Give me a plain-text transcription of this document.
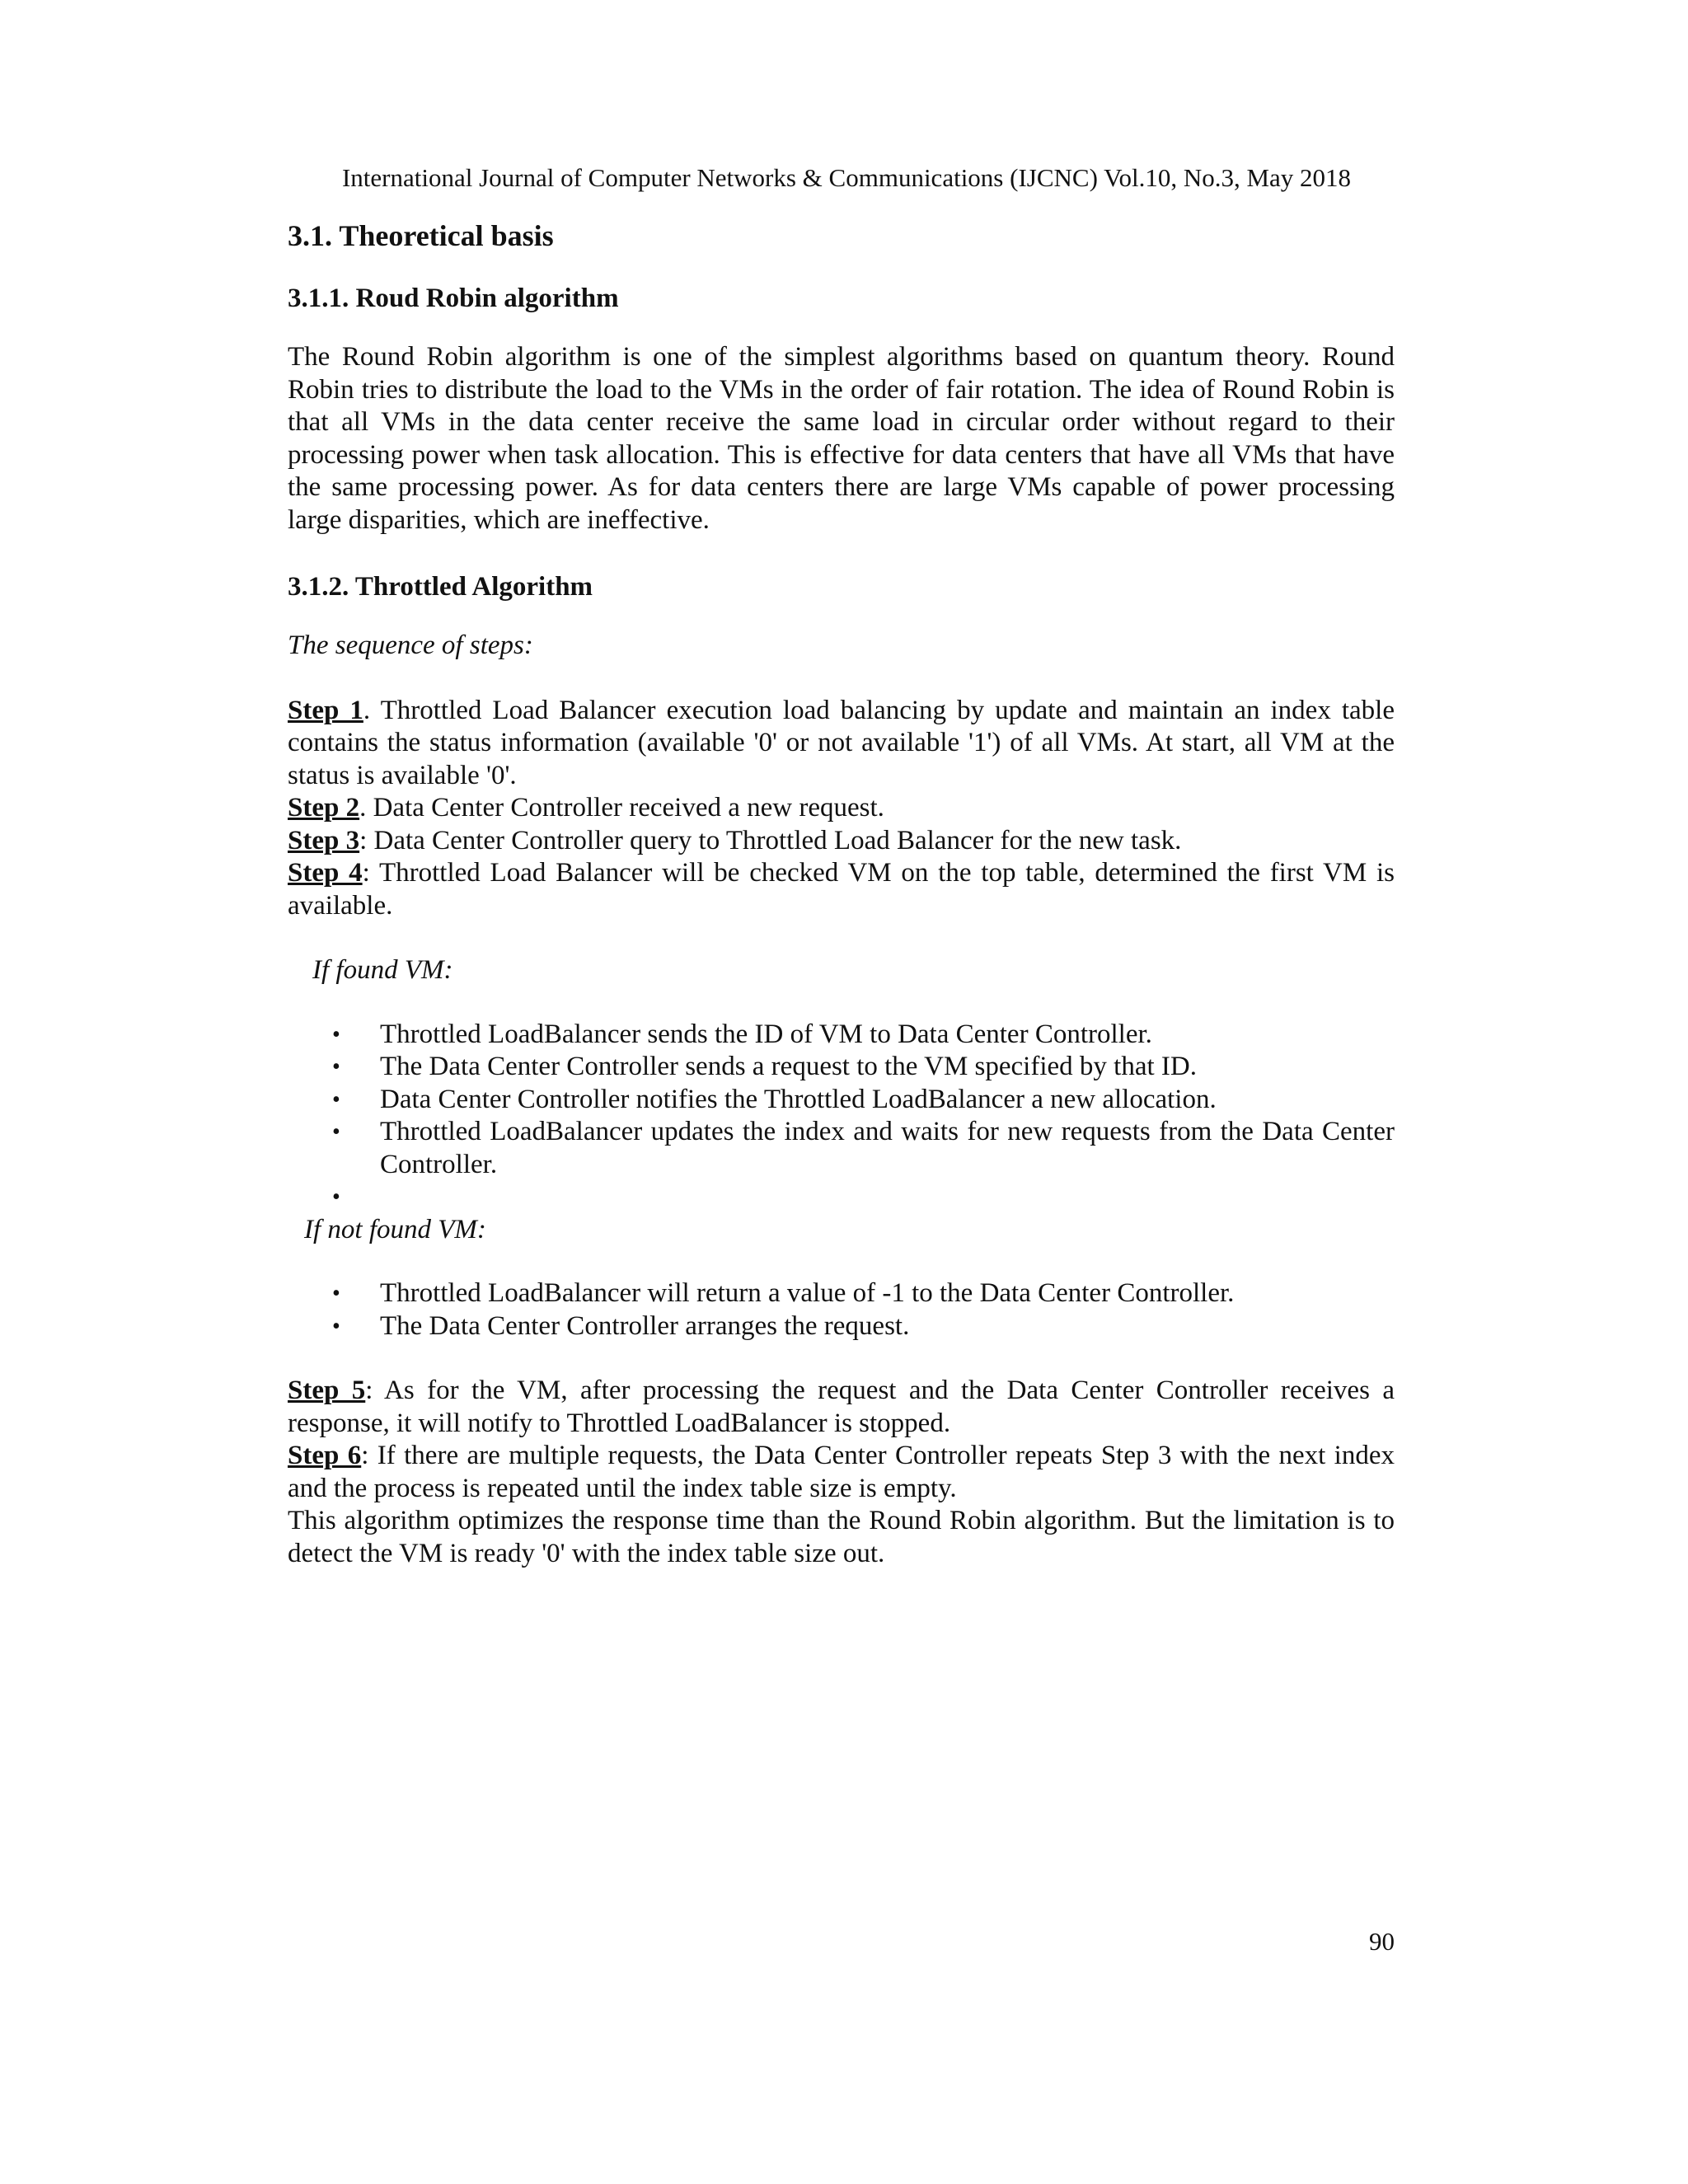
International Journal of Computer Networks & Communications (IJCNC) Vol.10, No.3, May 2018
3.1. Theoretical basis
3.1.1. Roud Robin algorithm

The Round Robin algorithm is one of the simplest algorithms based on quantum theory. Round Robin tries to distribute the load to the VMs in the order of fair rotation. The idea of Round Robin is that all VMs in the data center receive the same load in circular order without regard to their processing power when task allocation. This is effective for data centers that have all VMs that have the same processing power. As for data centers there are large VMs capable of power processing large disparities, which are ineffective.

3.1.2. Throttled Algorithm

The sequence of steps:

Step 1. Throttled Load Balancer execution load balancing by update and maintain an index table contains the status information (available '0' or not available '1') of all VMs. At start, all VM at the status is available '0'.

Step 2. Data Center Controller received a new request.

Step 3: Data Center Controller query to Throttled Load Balancer for the new task.

Step 4: Throttled Load Balancer will be checked VM on the top table, determined the first VM is available.

If found VM:

• Throttled LoadBalancer sends the ID of VM to Data Center Controller.
• The Data Center Controller sends a request to the VM specified by that ID.
• Data Center Controller notifies the Throttled LoadBalancer a new allocation.
• Throttled LoadBalancer updates the index and waits for new requests from the Data Center Controller.
•

If not found VM:

• Throttled LoadBalancer will return a value of -1 to the Data Center Controller.
• The Data Center Controller arranges the request.

Step 5: As for the VM, after processing the request and the Data Center Controller receives a response, it will notify to Throttled LoadBalancer is stopped.

Step 6: If there are multiple requests, the Data Center Controller repeats Step 3 with the next index and the process is repeated until the index table size is empty.

This algorithm optimizes the response time than the Round Robin algorithm. But the limitation is to detect the VM is ready '0' with the index table size out.

90
